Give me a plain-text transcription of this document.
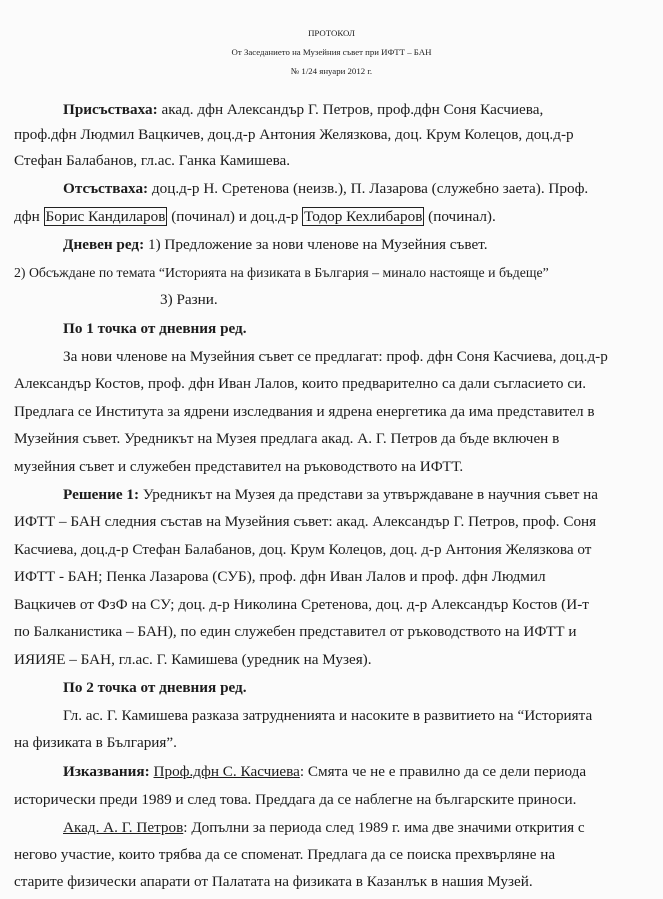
ПРОТОКОЛ
От Заседанието на Музейния съвет при ИФТТ – БАН
№ 1/24 януари 2012 г.
Присъстваха: акад. дфн Александър Г. Петров, проф.дфн Соня Касчиева,
проф.дфн Людмил Вацкичев, доц.д-р Антония Желязкова, доц. Крум Колецов, доц.д-р
Стефан Балабанов, гл.ас. Ганка Камишева.
Отсъстваха: доц.д-р Н. Сретенова (неизв.), П. Лазарова (служебно заета). Проф.
дфн Борис Кандиларов (починал) и доц.д-р Тодор Кехлибаров (починал).
Дневен ред: 1) Предложение за нови членове на Музейния съвет.
2) Обсъждане по темата “Историята на физиката в България – минало настояще и бъдеще”
3) Разни.
По 1 точка от дневния ред.
За нови членове на Музейния съвет се предлагат: проф. дфн Соня Касчиева, доц.д-р
Александър Костов, проф. дфн Иван Лалов, които предварително са дали съгласието си.
Предлага се Института за ядрени изследвания и ядрена енергетика да има представител в
Музейния съвет. Уредникът на Музея предлага акад. А. Г. Петров да бъде включен в
музейния съвет и служебен представител на ръководството на ИФТТ.
Решение 1: Уредникът на Музея да представи за утвърждаване в научния съвет на
ИФТТ – БАН следния състав на Музейния съвет: акад. Александър Г. Петров, проф. Соня
Касчиева, доц.д-р Стефан Балабанов, доц. Крум Колецов, доц. д-р Антония Желязкова от
ИФТТ - БАН; Пенка Лазарова (СУБ), проф. дфн Иван Лалов и проф. дфн Людмил
Вацкичев от ФзФ на СУ; доц. д-р Николина Сретенова, доц. д-р Александър Костов (И-т
по Балканистика – БАН), по един служебен представител от ръководството на ИФТТ и
ИЯИЯЕ – БАН, гл.ас. Г. Камишева (уредник на Музея).
По 2 точка от дневния ред.
Гл. ас. Г. Камишева разказа затрудненията и насоките в развитието на “Историята
на физиката в България”.
Изказвания: Проф.дфн С. Касчиева: Смята че не е правилно да се дели периода
исторически преди 1989 и след това. Преддага да се наблегне на българските приноси.
Акад. А. Г. Петров: Допълни за периода след 1989 г. има две значими открития с
негово участие, които трябва да се споменат. Предлага да се поиска прехвърляне на
старите физически апарати от Палатата на физиката в Казанлък в нашия Музей.
